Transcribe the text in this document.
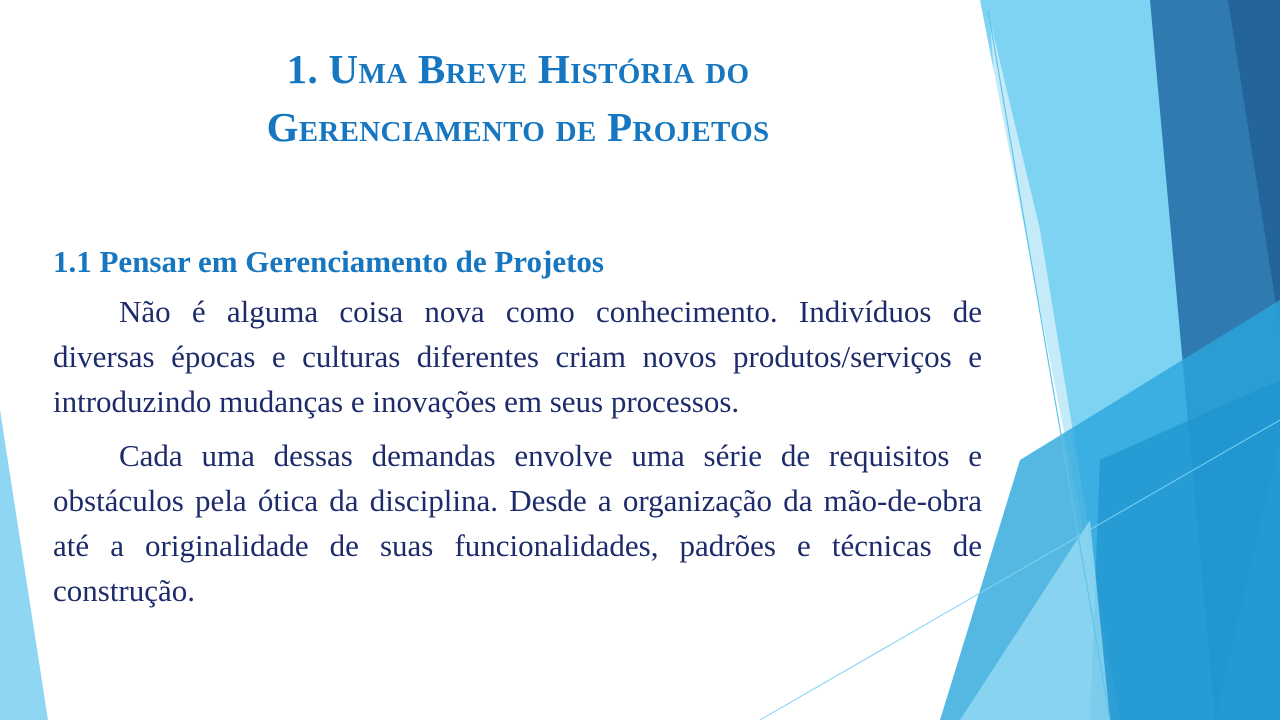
1. Uma Breve História do
Gerenciamento de Projetos

1.1 Pensar em Gerenciamento de Projetos

Não é alguma coisa nova como conhecimento. Indivíduos de diversas épocas e culturas diferentes criam novos produtos/serviços e introduzindo mudanças e inovações em seus processos.

Cada uma dessas demandas envolve uma série de requisitos e obstáculos pela ótica da disciplina. Desde a organização da mão-de-obra até a originalidade de suas funcionalidades, padrões e técnicas de construção.
